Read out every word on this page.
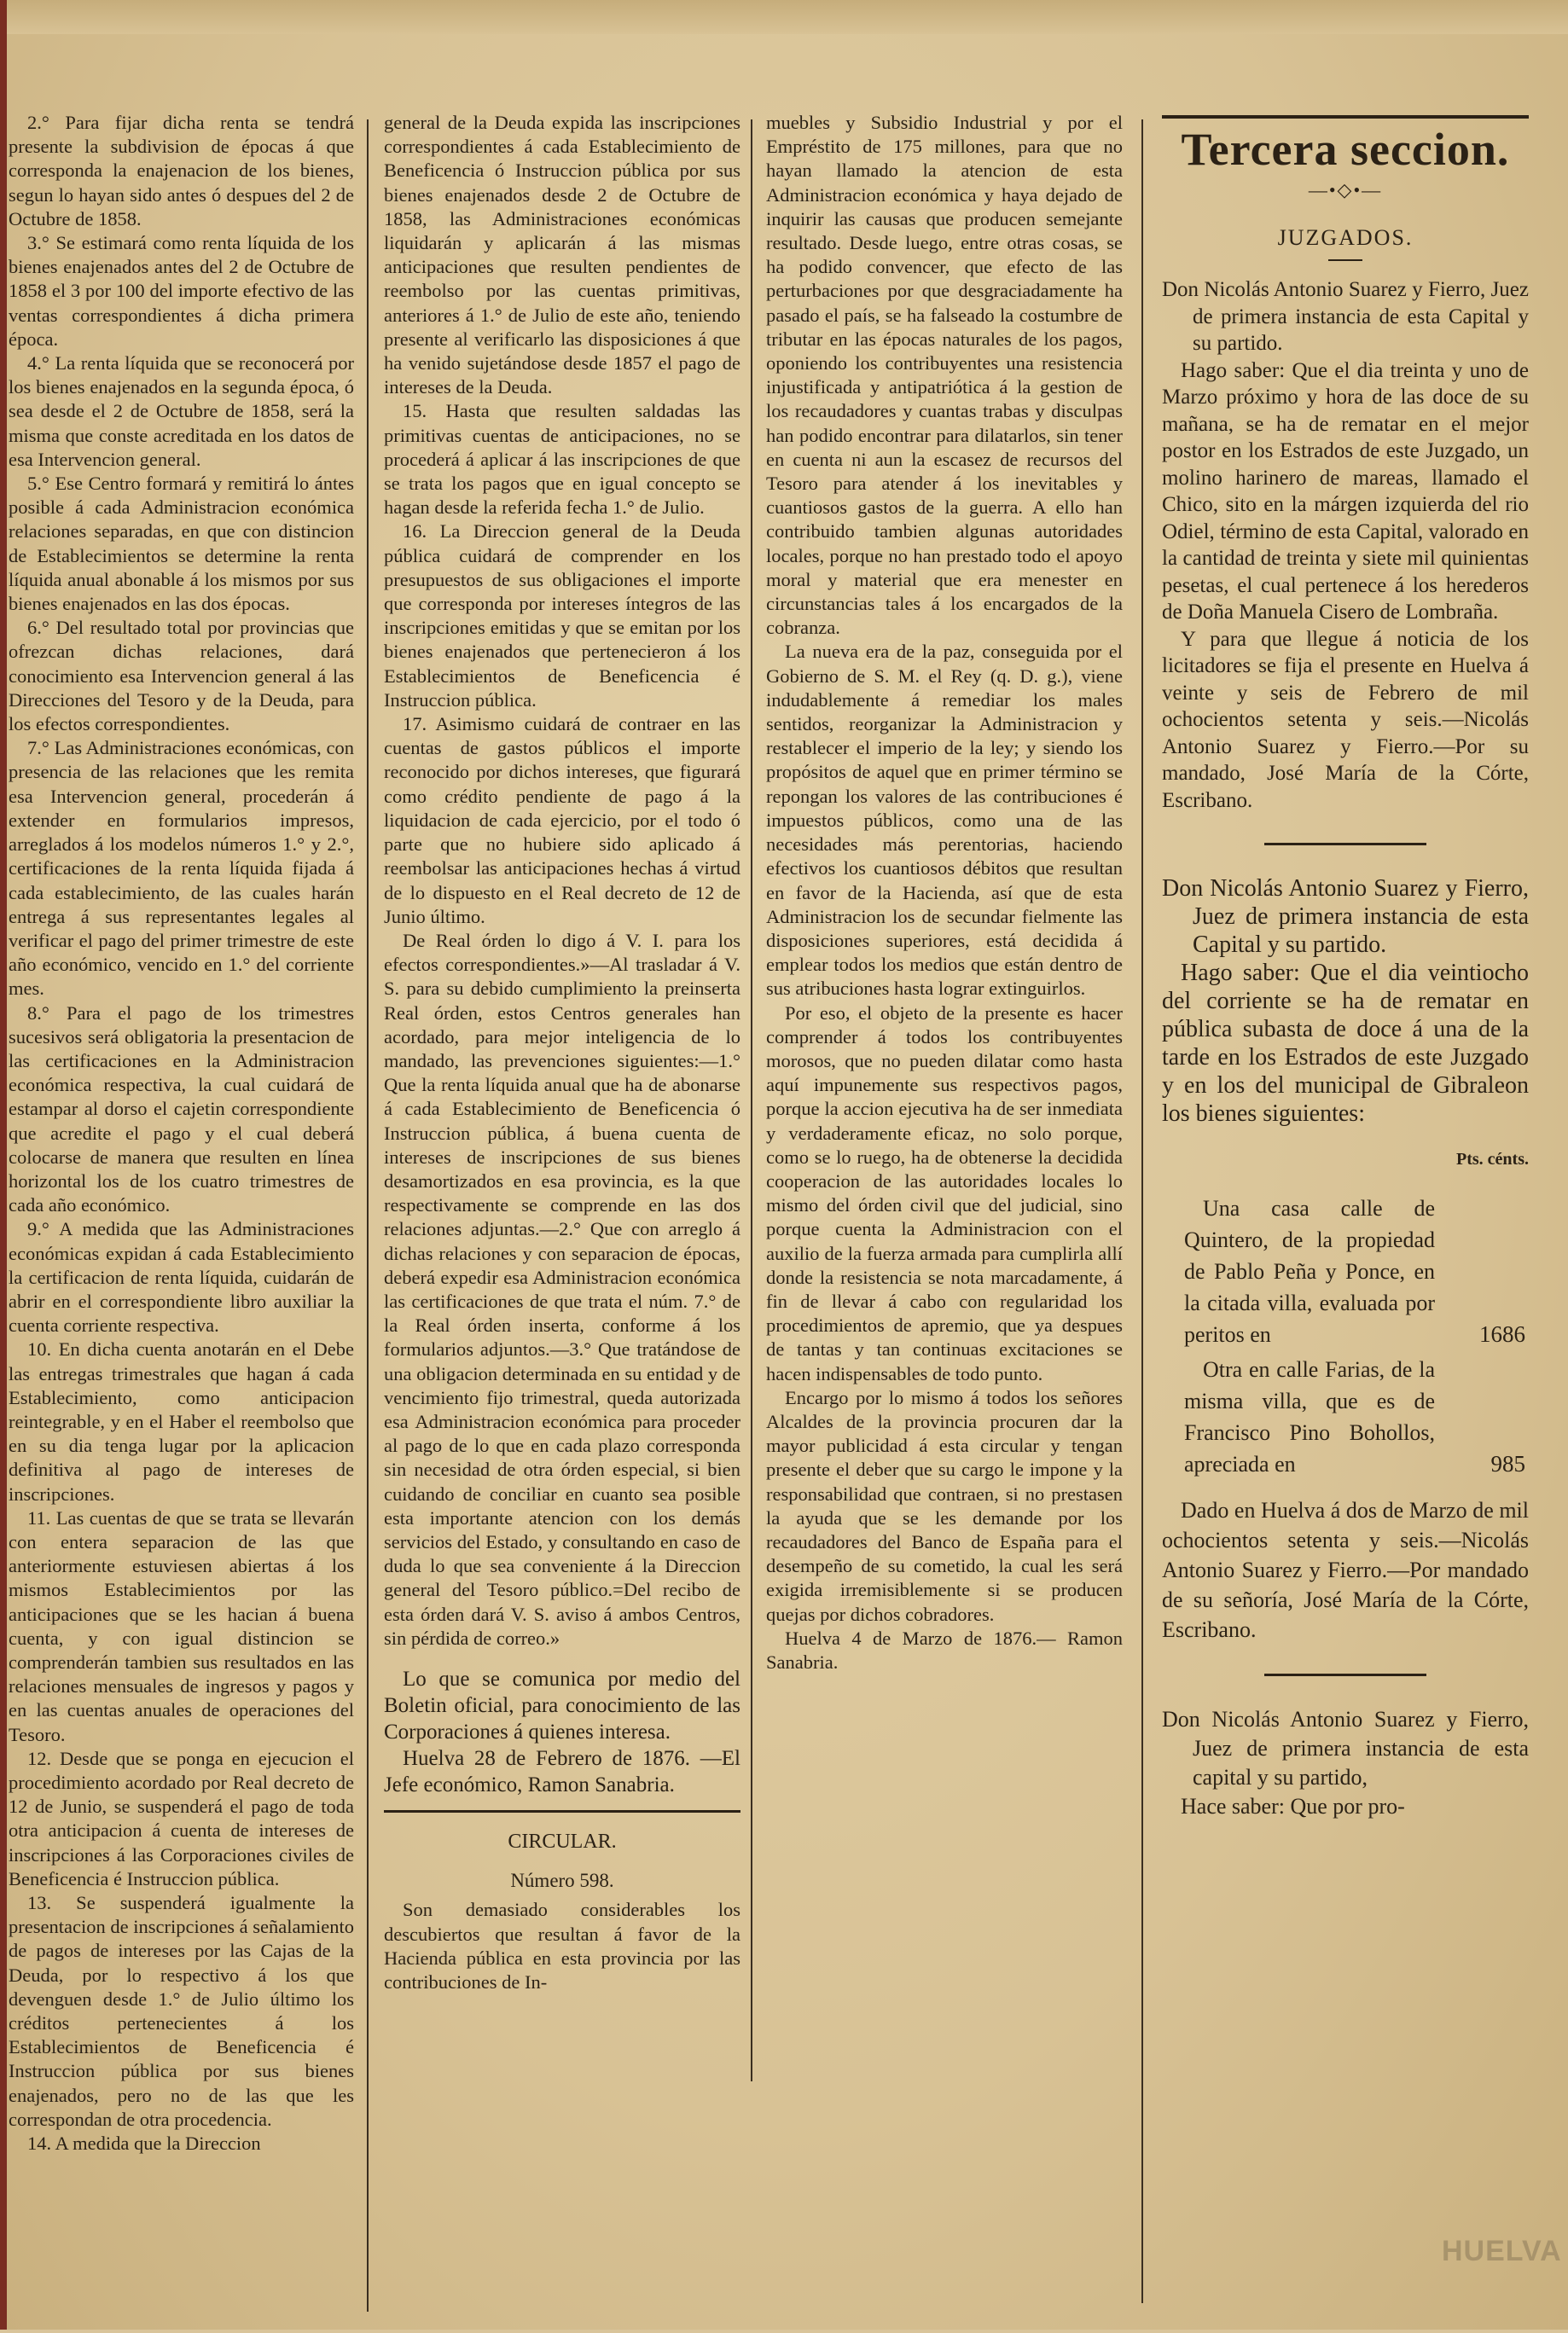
2.° Para fijar dicha renta se tendrá presente la subdivision de épocas á que corresponda la enajenacion de los bienes, segun lo hayan sido antes ó despues del 2 de Octubre de 1858.

3.° Se estimará como renta líquida de los bienes enajenados antes del 2 de Octubre de 1858 el 3 por 100 del importe efectivo de las ventas correspondientes á dicha primera época.

4.° La renta líquida que se reconocerá por los bienes enajenados en la segunda época, ó sea desde el 2 de Octubre de 1858, será la misma que conste acreditada en los datos de esa Intervencion general.

5.° Ese Centro formará y remitirá lo ántes posible á cada Administracion económica relaciones separadas, en que con distincion de Establecimientos se determine la renta líquida anual abonable á los mismos por sus bienes enajenados en las dos épocas.

6.° Del resultado total por provincias que ofrezcan dichas relaciones, dará conocimiento esa Intervencion general á las Direcciones del Tesoro y de la Deuda, para los efectos correspondientes.

7.° Las Administraciones económicas, con presencia de las relaciones que les remita esa Intervencion general, procederán á extender en formularios impresos, arreglados á los modelos números 1.° y 2.°, certificaciones de la renta líquida fijada á cada establecimiento, de las cuales harán entrega á sus representantes legales al verificar el pago del primer trimestre de este año económico, vencido en 1.° del corriente mes.

8.° Para el pago de los trimestres sucesivos será obligatoria la presentacion de las certificaciones en la Administracion económica respectiva, la cual cuidará de estampar al dorso el cajetin correspondiente que acredite el pago y el cual deberá colocarse de manera que resulten en línea horizontal los de los cuatro trimestres de cada año económico.

9.° A medida que las Administraciones económicas expidan á cada Establecimiento la certificacion de renta líquida, cuidarán de abrir en el correspondiente libro auxiliar la cuenta corriente respectiva.

10. En dicha cuenta anotarán en el Debe las entregas trimestrales que hagan á cada Establecimiento, como anticipacion reintegrable, y en el Haber el reembolso que en su dia tenga lugar por la aplicacion definitiva al pago de intereses de inscripciones.

11. Las cuentas de que se trata se llevarán con entera separacion de las que anteriormente estuviesen abiertas á los mismos Establecimientos por las anticipaciones que se les hacian á buena cuenta, y con igual distincion se comprenderán tambien sus resultados en las relaciones mensuales de ingresos y pagos y en las cuentas anuales de operaciones del Tesoro.

12. Desde que se ponga en ejecucion el procedimiento acordado por Real decreto de 12 de Junio, se suspenderá el pago de toda otra anticipacion á cuenta de intereses de inscripciones á las Corporaciones civiles de Beneficencia é Instruccion pública.

13. Se suspenderá igualmente la presentacion de inscripciones á señalamiento de pagos de intereses por las Cajas de la Deuda, por lo respectivo á los que devenguen desde 1.° de Julio último los créditos pertenecientes á los Establecimientos de Beneficencia é Instruccion pública por sus bienes enajenados, pero no de las que les correspondan de otra procedencia.

14. A medida que la Direccion

general de la Deuda expida las inscripciones correspondientes á cada Establecimiento de Beneficencia ó Instruccion pública por sus bienes enajenados desde 2 de Octubre de 1858, las Administraciones económicas liquidarán y aplicarán á las mismas anticipaciones que resulten pendientes de reembolso por las cuentas primitivas, anteriores á 1.° de Julio de este año, teniendo presente al verificarlo las disposiciones á que ha venido sujetándose desde 1857 el pago de intereses de la Deuda.

15. Hasta que resulten saldadas las primitivas cuentas de anticipaciones, no se procederá á aplicar á las inscripciones de que se trata los pagos que en igual concepto se hagan desde la referida fecha 1.° de Julio.

16. La Direccion general de la Deuda pública cuidará de comprender en los presupuestos de sus obligaciones el importe que corresponda por intereses íntegros de las inscripciones emitidas y que se emitan por los bienes enajenados que pertenecieron á los Establecimientos de Beneficencia é Instruccion pública.

17. Asimismo cuidará de contraer en las cuentas de gastos públicos el importe reconocido por dichos intereses, que figurará como crédito pendiente de pago á la liquidacion de cada ejercicio, por el todo ó parte que no hubiere sido aplicado á reembolsar las anticipaciones hechas á virtud de lo dispuesto en el Real decreto de 12 de Junio último.

De Real órden lo digo á V. I. para los efectos correspondientes.»—Al trasladar á V. S. para su debido cumplimiento la preinserta Real órden, estos Centros generales han acordado, para mejor inteligencia de lo mandado, las prevenciones siguientes:—1.° Que la renta líquida anual que ha de abonarse á cada Establecimiento de Beneficencia ó Instruccion pública, á buena cuenta de intereses de inscripciones de sus bienes desamortizados en esa provincia, es la que respectivamente se comprende en las dos relaciones adjuntas.—2.° Que con arreglo á dichas relaciones y con separacion de épocas, deberá expedir esa Administracion económica las certificaciones de que trata el núm. 7.° de la Real órden inserta, conforme á los formularios adjuntos.—3.° Que tratándose de una obligacion determinada en su entidad y de vencimiento fijo trimestral, queda autorizada esa Administracion económica para proceder al pago de lo que en cada plazo corresponda sin necesidad de otra órden especial, si bien cuidando de conciliar en cuanto sea posible esta importante atencion con los demás servicios del Estado, y consultando en caso de duda lo que sea conveniente á la Direccion general del Tesoro público.=Del recibo de esta órden dará V. S. aviso á ambos Centros, sin pérdida de correo.»

Lo que se comunica por medio del Boletin oficial, para conocimiento de las Corporaciones á quienes interesa.

Huelva 28 de Febrero de 1876. —El Jefe económico, Ramon Sanabria.

CIRCULAR.
Número 598.

Son demasiado considerables los descubiertos que resultan á favor de la Hacienda pública en esta provincia por las contribuciones de In-

muebles y Subsidio Industrial y por el Empréstito de 175 millones, para que no hayan llamado la atencion de esta Administracion económica y haya dejado de inquirir las causas que producen semejante resultado. Desde luego, entre otras cosas, se ha podido convencer, que efecto de las perturbaciones por que desgraciadamente ha pasado el país, se ha falseado la costumbre de tributar en las épocas naturales de los pagos, oponiendo los contribuyentes una resistencia injustificada y antipatriótica á la gestion de los recaudadores y cuantas trabas y disculpas han podido encontrar para dilatarlos, sin tener en cuenta ni aun la escasez de recursos del Tesoro para atender á los inevitables y cuantiosos gastos de la guerra. A ello han contribuido tambien algunas autoridades locales, porque no han prestado todo el apoyo moral y material que era menester en circunstancias tales á los encargados de la cobranza.

La nueva era de la paz, conseguida por el Gobierno de S. M. el Rey (q. D. g.), viene indudablemente á remediar los males sentidos, reorganizar la Administracion y restablecer el imperio de la ley; y siendo los propósitos de aquel que en primer término se repongan los valores de las contribuciones é impuestos públicos, como una de las necesidades más perentorias, haciendo efectivos los cuantiosos débitos que resultan en favor de la Hacienda, así que de esta Administracion los de secundar fielmente las disposiciones superiores, está decidida á emplear todos los medios que están dentro de sus atribuciones hasta lograr extinguirlos.

Por eso, el objeto de la presente es hacer comprender á todos los contribuyentes morosos, que no pueden dilatar como hasta aquí impunemente sus respectivos pagos, porque la accion ejecutiva ha de ser inmediata y verdaderamente eficaz, no solo porque, como se lo ruego, ha de obtenerse la decidida cooperacion de las autoridades locales lo mismo del órden civil que del judicial, sino porque cuenta la Administracion con el auxilio de la fuerza armada para cumplirla allí donde la resistencia se nota marcadamente, á fin de llevar á cabo con regularidad los procedimientos de apremio, que ya despues de tantas y tan continuas excitaciones se hacen indispensables de todo punto.

Encargo por lo mismo á todos los señores Alcaldes de la provincia procuren dar la mayor publicidad á esta circular y tengan presente el deber que su cargo le impone y la responsabilidad que contraen, si no prestasen la ayuda que se les demande por los recaudadores del Banco de España para el desempeño de su cometido, la cual les será exigida irremisiblemente si se producen quejas por dichos cobradores.

Huelva 4 de Marzo de 1876.— Ramon Sanabria.

Tercera seccion.
—•◇•—
JUZGADOS.

Don Nicolás Antonio Suarez y Fierro, Juez de primera instancia de esta Capital y su partido.

Hago saber: Que el dia treinta y uno de Marzo próximo y hora de las doce de su mañana, se ha de rematar en el mejor postor en los Estrados de este Juzgado, un molino harinero de mareas, llamado el Chico, sito en la márgen izquierda del rio Odiel, término de esta Capital, valorado en la cantidad de treinta y siete mil quinientas pesetas, el cual pertenece á los herederos de Doña Manuela Cisero de Lombraña.

Y para que llegue á noticia de los licitadores se fija el presente en Huelva á veinte y seis de Febrero de mil ochocientos setenta y seis.—Nicolás Antonio Suarez y Fierro.—Por su mandado, José María de la Córte, Escribano.

Don Nicolás Antonio Suarez y Fierro, Juez de primera instancia de esta Capital y su partido.

Hago saber: Que el dia veintiocho del corriente se ha de rematar en pública subasta de doce á una de la tarde en los Estrados de este Juzgado y en los del municipal de Gibraleon los bienes siguientes:

Pts. cénts.
Una casa calle de Quintero, de la propiedad de Pablo Peña y Ponce, en la citada villa, evaluada por peritos en	1686
Otra en calle Farias, de la misma villa, que es de Francisco Pino Bohollos, apreciada en	985

Dado en Huelva á dos de Marzo de mil ochocientos setenta y seis.—Nicolás Antonio Suarez y Fierro.—Por mandado de su señoría, José María de la Córte, Escribano.

Don Nicolás Antonio Suarez y Fierro, Juez de primera instancia de esta capital y su partido,

Hace saber: Que por pro-

HUELVA
